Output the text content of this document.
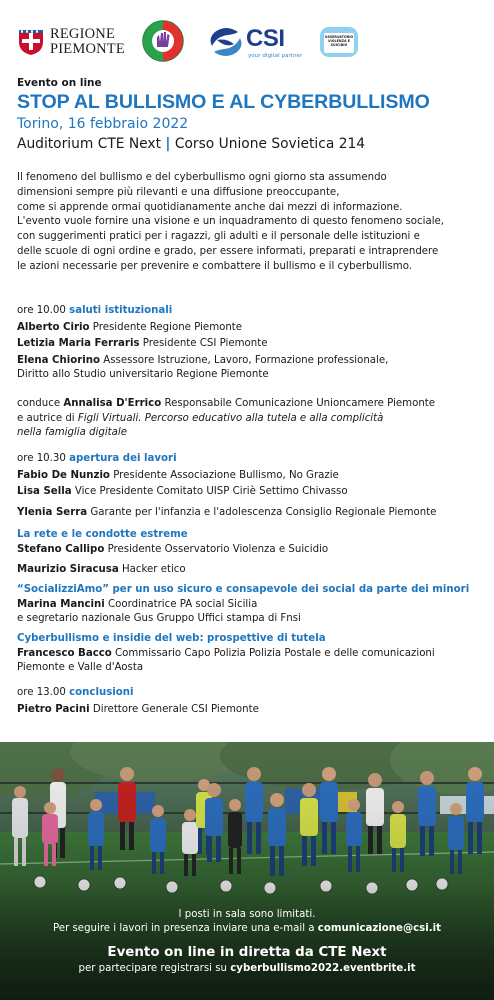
REGIONE
PIEMONTE	CSI
your digital partner
OSSERVATORIO VIOLENZA E SUICIDIO

Evento on line

STOP AL BULLISMO E AL CYBERBULLISMO

Torino, 16 febbraio 2022

Auditorium CTE Next | Corso Unione Sovietica 214

Il fenomeno del bullismo e del cyberbullismo ogni giorno sta assumendo
dimensioni sempre più rilevanti e una diffusione preoccupante,
come si apprende ormai quotidianamente anche dai mezzi di informazione.
L'evento vuole fornire una visione e un inquadramento di questo fenomeno sociale,
con suggerimenti pratici per i ragazzi, gli adulti e il personale delle istituzioni e
delle scuole di ogni ordine e grado, per essere informati, preparati e intraprendere
le azioni necessarie per prevenire e combattere il bullismo e il cyberbullismo.
ore 10.00 saluti istituzionali
Alberto Cirio Presidente Regione Piemonte
Letizia Maria Ferraris Presidente CSI Piemonte
Elena Chiorino Assessore Istruzione, Lavoro, Formazione professionale,
Diritto allo Studio universitario Regione Piemonte
conduce Annalisa D'Errico Responsabile Comunicazione Unioncamere Piemonte
e autrice di Figli Virtuali. Percorso educativo alla tutela e alla complicità
nella famiglia digitale
ore 10.30 apertura dei lavori
Fabio De Nunzio Presidente Associazione Bullismo, No Grazie
Lisa Sella Vice Presidente Comitato UISP Ciriè Settimo Chivasso
Ylenia Serra Garante per l'infanzia e l'adolescenza Consiglio Regionale Piemonte
La rete e le condotte estreme
Stefano Callipo Presidente Osservatorio Violenza e Suicidio
Maurizio Siracusa Hacker etico
“SocializziAmo” per un uso sicuro e consapevole dei social da parte dei minori
Marina Mancini Coordinatrice PA social Sicilia
e segretario nazionale Gus Gruppo Uffici stampa di Fnsi
Cyberbullismo e insidie del web: prospettive di tutela
Francesco Bacco Commissario Capo Polizia Polizia Postale e delle comunicazioni
Piemonte e Valle d'Aosta
ore 13.00 conclusioni
Pietro Pacini Direttore Generale CSI Piemonte

I posti in sala sono limitati.

Per seguire i lavori in presenza inviare una e-mail a comunicazione@csi.it

Evento on line in diretta da CTE Next

per partecipare registrarsi su cyberbullismo2022.eventbrite.it
